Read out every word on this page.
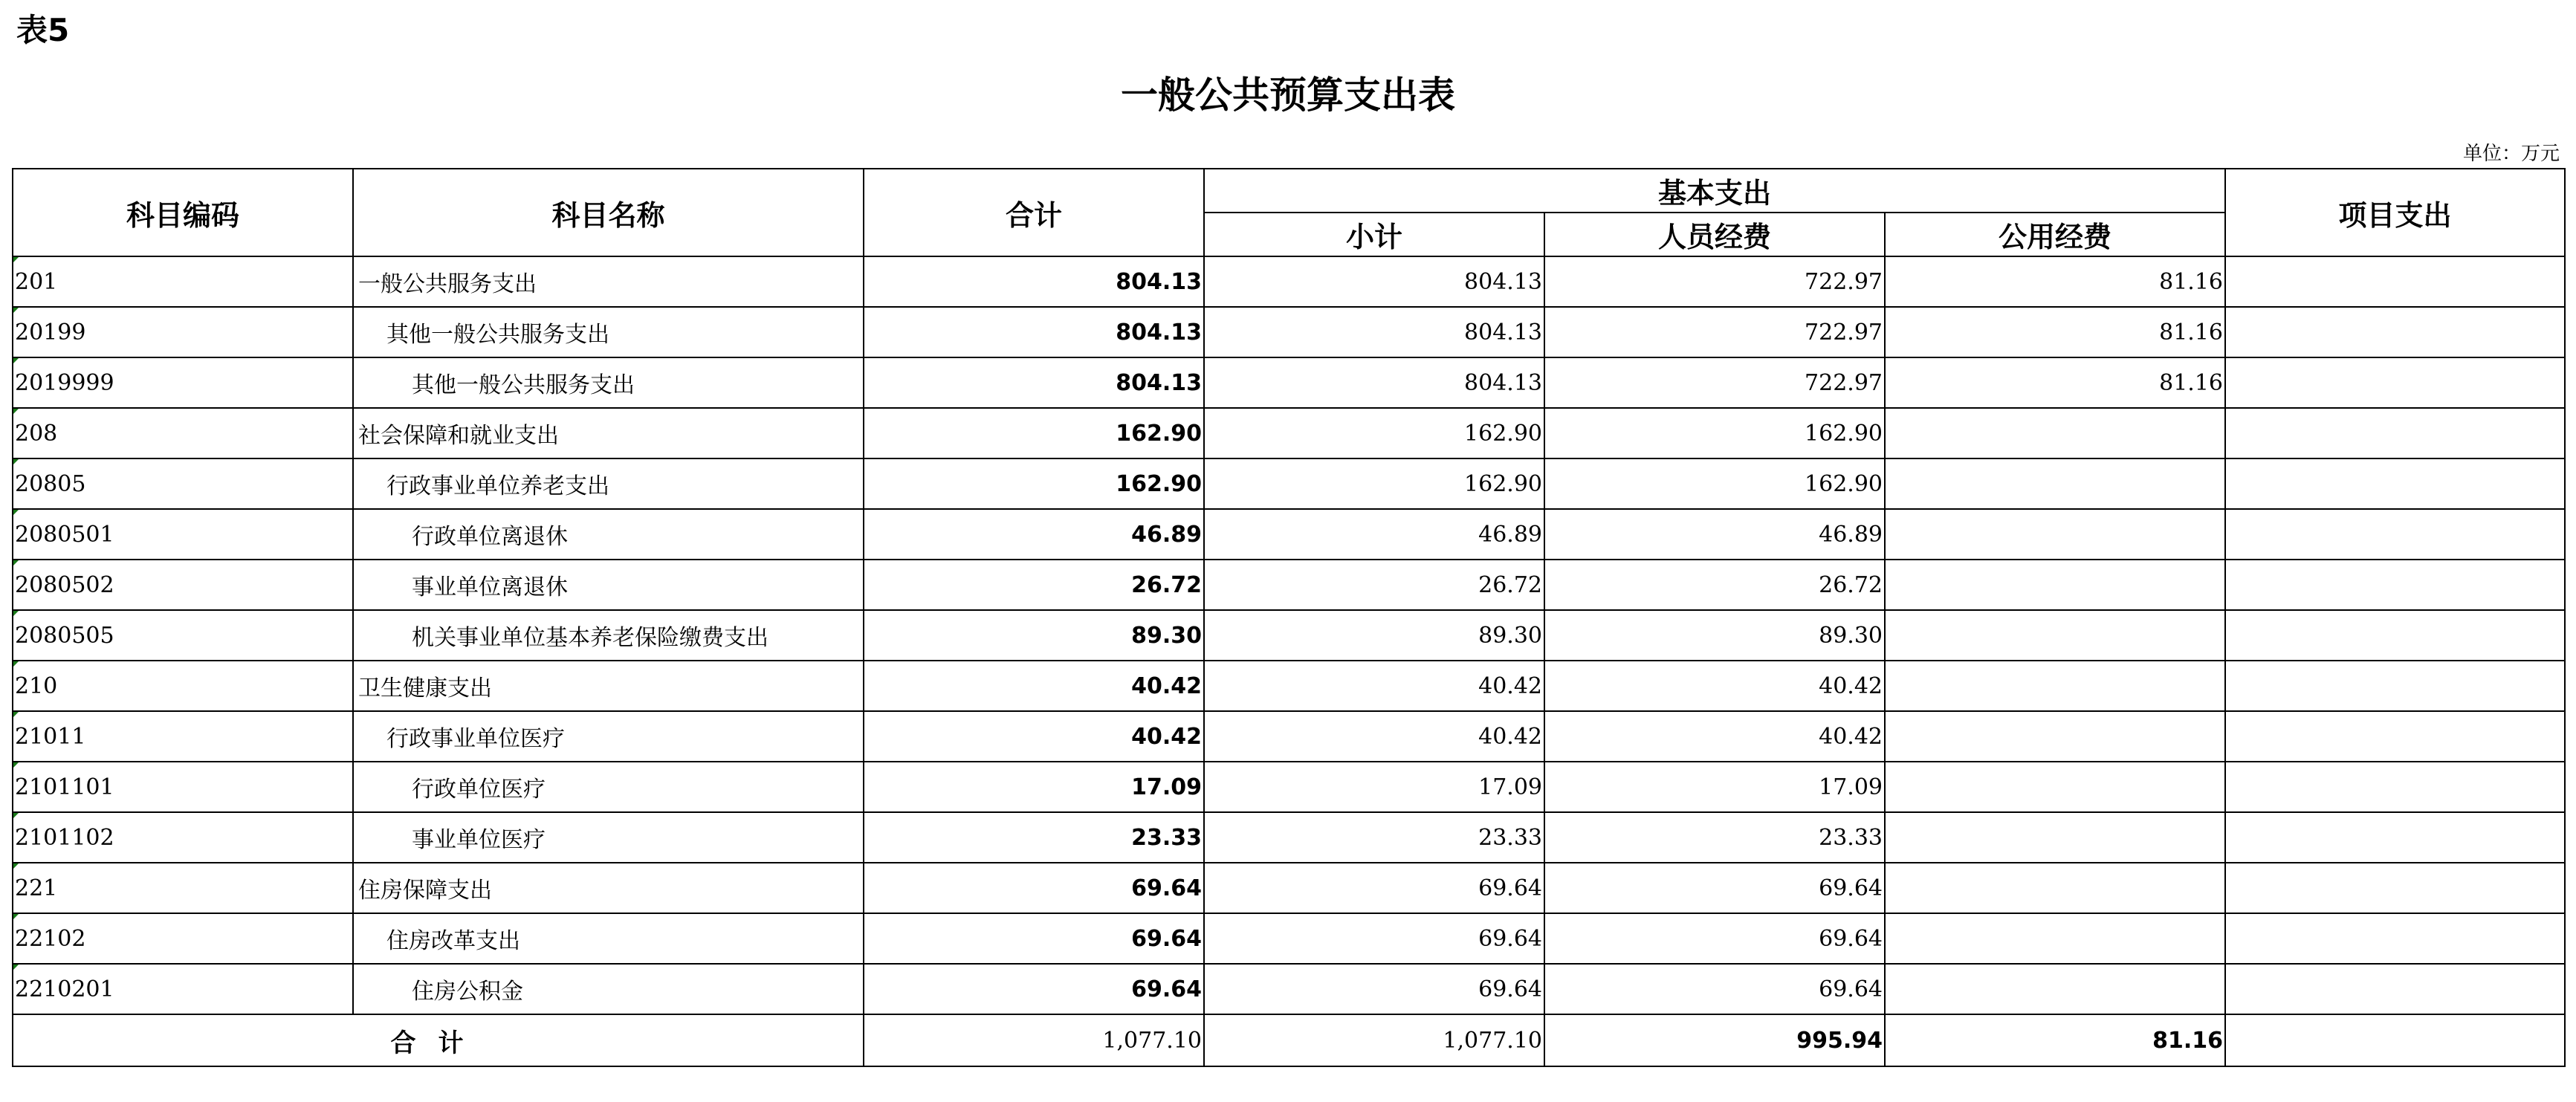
表5
一般公共预算支出表
单位：万元
科目编码	科目名称	合计	基本支出			项目支出
			小计	人员经费	公用经费	
201	一般公共服务支出	804.13	804.13	722.97	81.16	
20199	其他一般公共服务支出	804.13	804.13	722.97	81.16	
2019999	其他一般公共服务支出	804.13	804.13	722.97	81.16	
208	社会保障和就业支出	162.90	162.90	162.90		
20805	行政事业单位养老支出	162.90	162.90	162.90		
2080501	行政单位离退休	46.89	46.89	46.89		
2080502	事业单位离退休	26.72	26.72	26.72		
2080505	机关事业单位基本养老保险缴费支出	89.30	89.30	89.30		
210	卫生健康支出	40.42	40.42	40.42		
21011	行政事业单位医疗	40.42	40.42	40.42		
2101101	行政单位医疗	17.09	17.09	17.09		
2101102	事业单位医疗	23.33	23.33	23.33		
221	住房保障支出	69.64	69.64	69.64		
22102	住房改革支出	69.64	69.64	69.64		
2210201	住房公积金	69.64	69.64	69.64		
合计		1,077.10	1,077.10	995.94	81.16	
